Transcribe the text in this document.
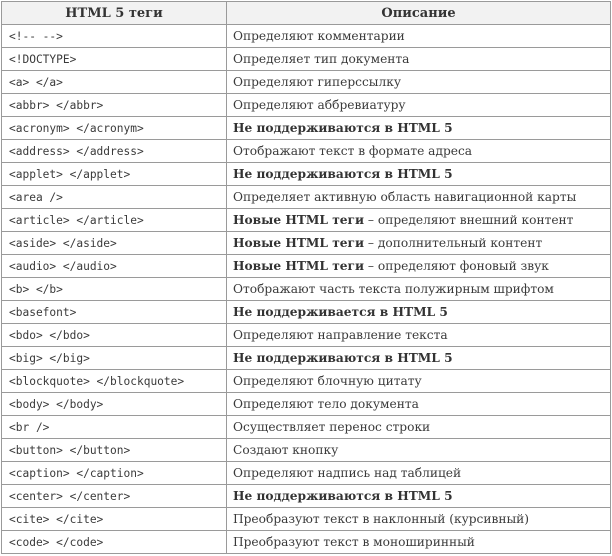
HTML 5 теги	Описание
<!-- -->	Определяют комментарии
<!DOCTYPE>	Определяет тип документа
<a> </a>	Определяют гиперссылку
<abbr> </abbr>	Определяют аббревиатуру
<acronym> </acronym>	Не поддерживаются в HTML 5
<address> </address>	Отображают текст в формате адреса
<applet> </applet>	Не поддерживаются в HTML 5
<area />	Определяет активную область навигационной карты
<article> </article>	Новые HTML теги – определяют внешний контент
<aside> </aside>	Новые HTML теги – дополнительный контент
<audio> </audio>	Новые HTML теги – определяют фоновый звук
<b> </b>	Отображают часть текста полужирным шрифтом
<basefont>	Не поддерживается в HTML 5
<bdo> </bdo>	Определяют направление текста
<big> </big>	Не поддерживаются в HTML 5
<blockquote> </blockquote>	Определяют блочную цитату
<body> </body>	Определяют тело документа
<br />	Осуществляет перенос строки
<button> </button>	Создают кнопку
<caption> </caption>	Определяют надпись над таблицей
<center> </center>	Не поддерживаются в HTML 5
<cite> </cite>	Преобразуют текст в наклонный (курсивный)
<code> </code>	Преобразуют текст в моноширинный
